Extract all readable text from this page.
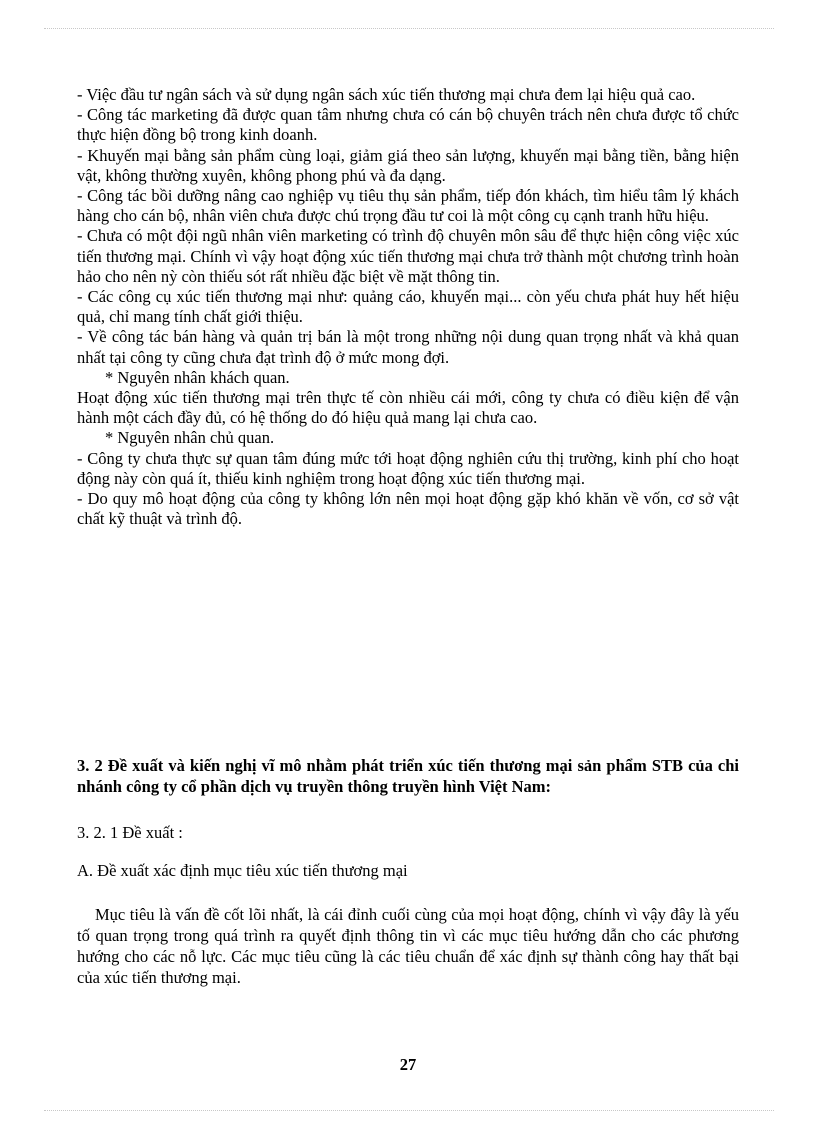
- Việc đầu tư ngân sách và sử dụng ngân sách xúc tiến thương mại chưa đem lại hiệu quả cao.

- Công tác marketing đã được quan tâm nhưng chưa có cán bộ chuyên trách nên chưa được tổ chức thực hiện đồng bộ trong kinh doanh.

- Khuyến mại bằng sản phẩm cùng loại, giảm giá theo sản lượng, khuyến mại bằng tiền, bằng hiện vật, không thường xuyên, không phong phú và đa dạng.

- Công tác bồi dưỡng nâng cao nghiệp vụ tiêu thụ sản phẩm, tiếp đón khách, tìm hiểu tâm lý khách hàng cho cán bộ, nhân viên chưa được chú trọng đầu tư coi là một công cụ cạnh tranh hữu hiệu.

- Chưa có một đội ngũ nhân viên marketing có trình độ chuyên môn sâu để thực hiện công việc xúc tiến thương mại. Chính vì vậy hoạt động xúc tiến thương mại chưa trở thành một chương trình hoàn hảo cho nên nỳ còn thiếu sót rất nhiều đặc biệt về mặt thông tin.

- Các công cụ xúc tiến thương mại như: quảng cáo, khuyến mại... còn yếu chưa phát huy hết hiệu quả, chỉ mang tính chất giới thiệu.

- Về công tác bán hàng và quản trị bán là một trong những nội dung quan trọng nhất và khả quan nhất tại công ty cũng chưa đạt trình độ ở mức mong đợi.

* Nguyên nhân khách quan.

Hoạt động xúc tiến thương mại trên thực tế còn nhiều cái mới, công ty chưa có điều kiện để vận hành một cách đầy đủ, có hệ thống do đó hiệu quả mang lại chưa cao.

* Nguyên nhân chủ quan.

- Công ty chưa thực sự quan tâm đúng mức tới hoạt động nghiên cứu thị trường, kinh phí cho hoạt động này còn quá ít, thiếu kinh nghiệm trong hoạt động xúc tiến thương mại.

- Do quy mô hoạt động của công ty không lớn nên mọi hoạt động gặp khó khăn về vốn, cơ sở vật chất kỹ thuật và trình độ.

3. 2 Đề xuất và kiến nghị vĩ mô nhằm phát triển xúc tiến thương mại sản phẩm STB của chi nhánh công ty cổ phần dịch vụ truyền thông truyền hình Việt Nam:

3. 2. 1 Đề xuất :

A. Đề xuất xác định mục tiêu xúc tiến thương mại

Mục tiêu là vấn đề cốt lõi nhất, là cái đỉnh cuối cùng của mọi hoạt động, chính vì vậy đây là yếu tố quan trọng trong quá trình ra quyết định thông tin vì các mục tiêu hướng dẫn cho các phương hướng cho các nỗ lực. Các mục tiêu cũng là các tiêu chuẩn để xác định sự thành công hay thất bại của xúc tiến thương mại.

27
